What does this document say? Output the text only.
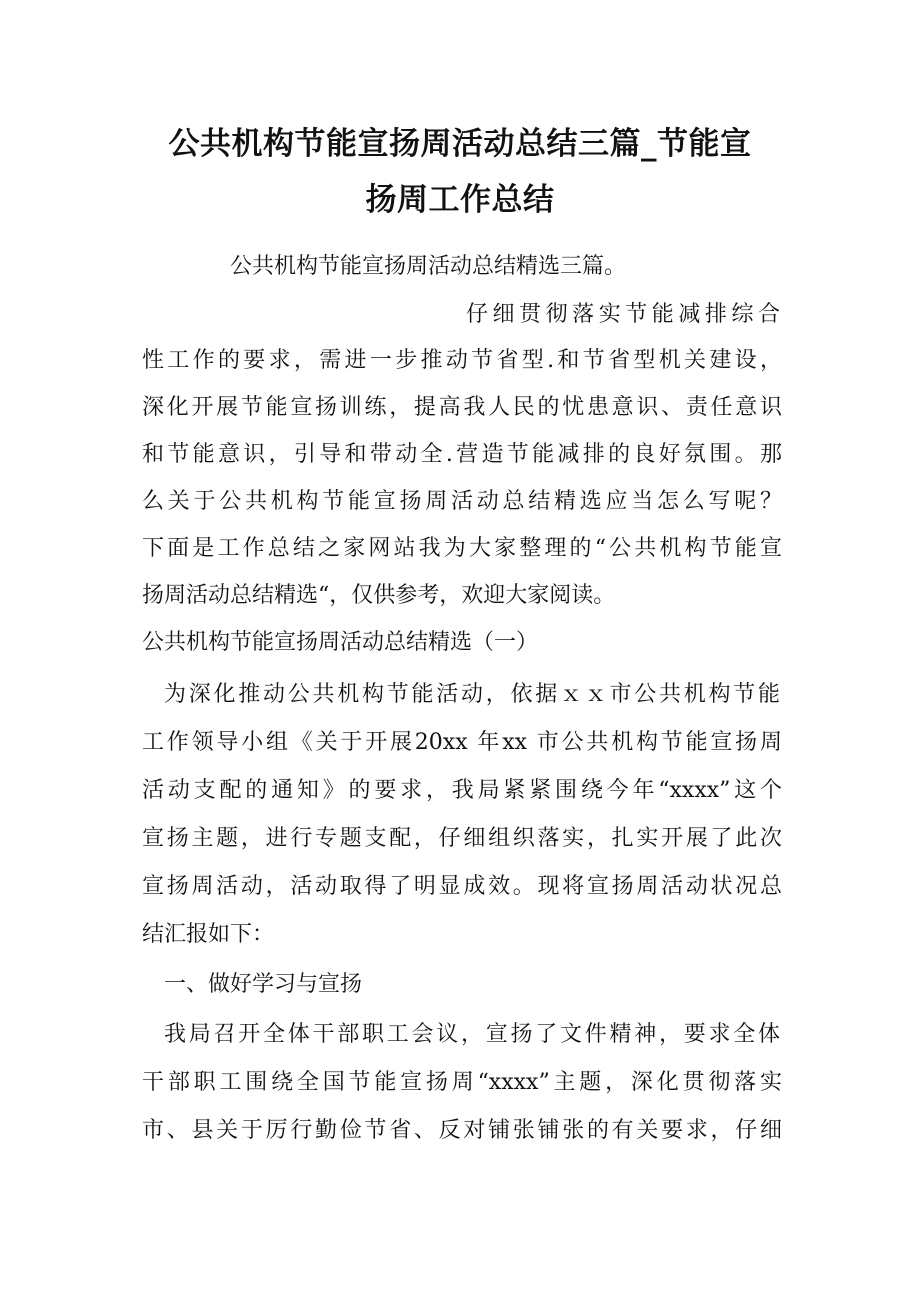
公共机构节能宣扬周活动总结三篇_节能宣
扬周工作总结
公共机构节能宣扬周活动总结精选三篇。
仔细贯彻落实节能减排综合
性工作的要求，需进一步推动节省型.和节省型机关建设，
深化开展节能宣扬训练，提高我人民的忧患意识、责任意识
和节能意识，引导和带动全.营造节能减排的良好氛围。那
么关于公共机构节能宣扬周活动总结精选应当怎么写呢？
下面是工作总结之家网站我为大家整理的“公共机构节能宣
扬周活动总结精选“，仅供参考，欢迎大家阅读。
公共机构节能宣扬周活动总结精选（一）
为深化推动公共机构节能活动，依据ｘｘ市公共机构节能
工作领导小组《关于开展20xx 年xx 市公共机构节能宣扬周
活动支配的通知》的要求，我局紧紧围绕今年“xxxx”这个
宣扬主题，进行专题支配，仔细组织落实，扎实开展了此次
宣扬周活动，活动取得了明显成效。现将宣扬周活动状况总
结汇报如下：
一、做好学习与宣扬
我局召开全体干部职工会议，宣扬了文件精神，要求全体
干部职工围绕全国节能宣扬周“xxxx”主题，深化贯彻落实
市、县关于厉行勤俭节省、反对铺张铺张的有关要求，仔细
